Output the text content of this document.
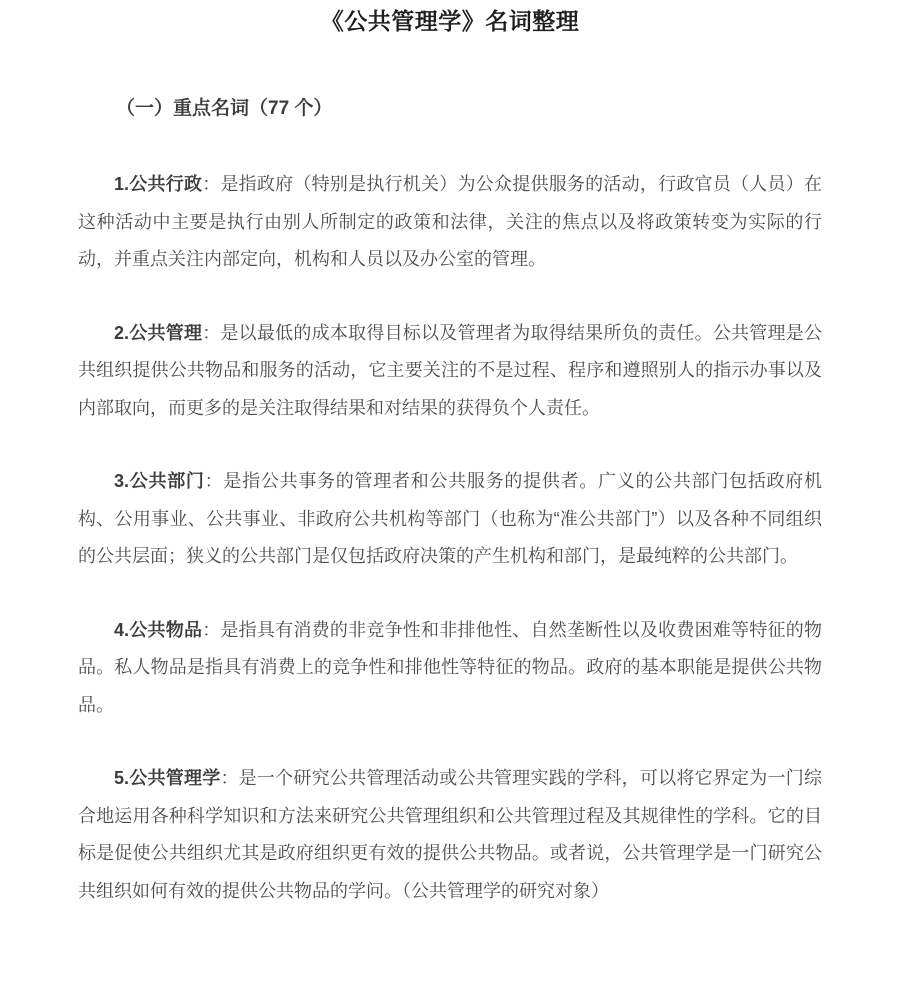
《公共管理学》名词整理
（一）重点名词（77 个）

1.公共行政：是指政府（特别是执行机关）为公众提供服务的活动，行政官员（人员）在这种活动中主要是执行由别人所制定的政策和法律，关注的焦点以及将政策转变为实际的行动，并重点关注内部定向，机构和人员以及办公室的管理。

2.公共管理：是以最低的成本取得目标以及管理者为取得结果所负的责任。公共管理是公共组织提供公共物品和服务的活动，它主要关注的不是过程、程序和遵照别人的指示办事以及内部取向，而更多的是关注取得结果和对结果的获得负个人责任。

3.公共部门：是指公共事务的管理者和公共服务的提供者。广义的公共部门包括政府机构、公用事业、公共事业、非政府公共机构等部门（也称为“准公共部门”）以及各种不同组织的公共层面；狭义的公共部门是仅包括政府决策的产生机构和部门，是最纯粹的公共部门。

4.公共物品：是指具有消费的非竞争性和非排他性、自然垄断性以及收费困难等特征的物品。私人物品是指具有消费上的竞争性和排他性等特征的物品。政府的基本职能是提供公共物品。

5.公共管理学：是一个研究公共管理活动或公共管理实践的学科，可以将它界定为一门综合地运用各种科学知识和方法来研究公共管理组织和公共管理过程及其规律性的学科。它的目标是促使公共组织尤其是政府组织更有效的提供公共物品。或者说，公共管理学是一门研究公共组织如何有效的提供公共物品的学问。（公共管理学的研究对象）
